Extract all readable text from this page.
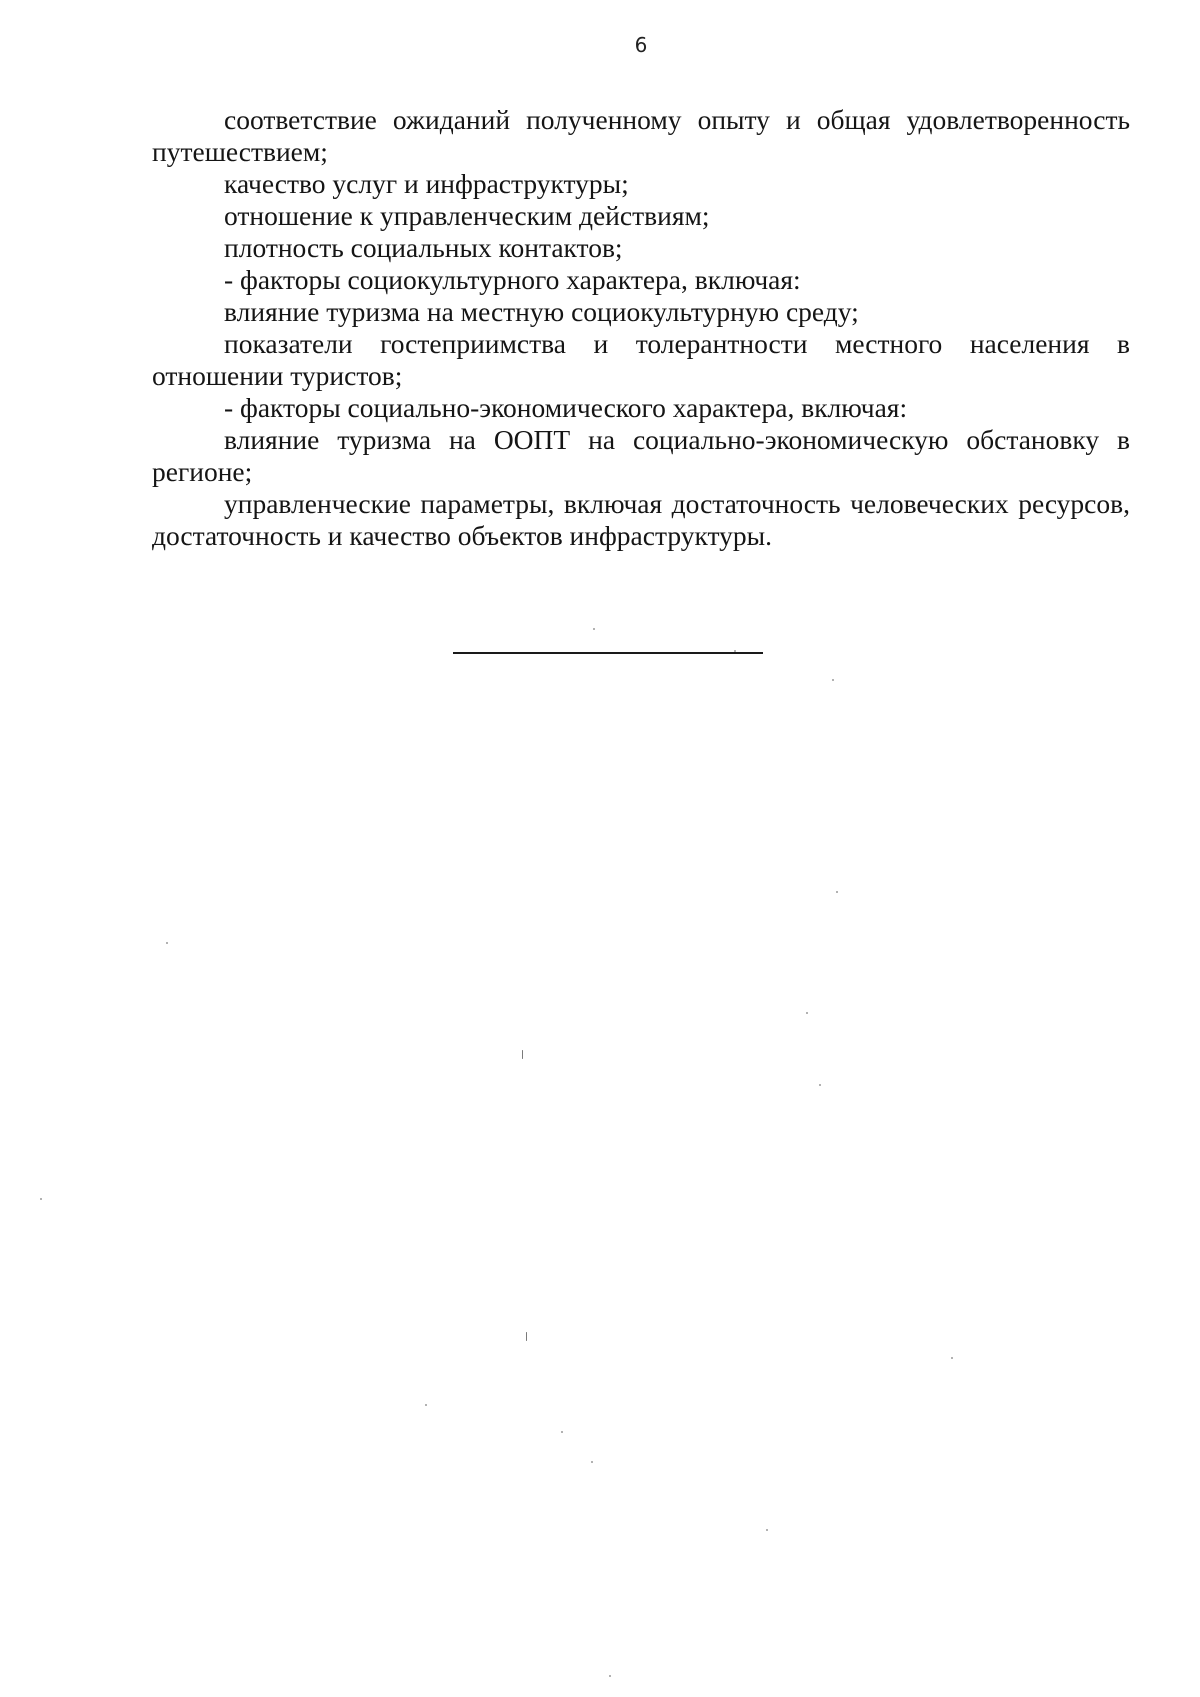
6

соответствие ожиданий полученному опыту и общая удовлетворенность путешествием;

качество услуг и инфраструктуры;

отношение к управленческим действиям;

плотность социальных контактов;

- факторы социокультурного характера, включая:

влияние туризма на местную социокультурную среду;

показатели гостеприимства и толерантности местного населения в отношении туристов;

- факторы социально-экономического характера, включая:

влияние туризма на ООПТ на социально-экономическую обстановку в регионе;

управленческие параметры, включая достаточность человеческих ресурсов, достаточность и качество объектов инфраструктуры.
